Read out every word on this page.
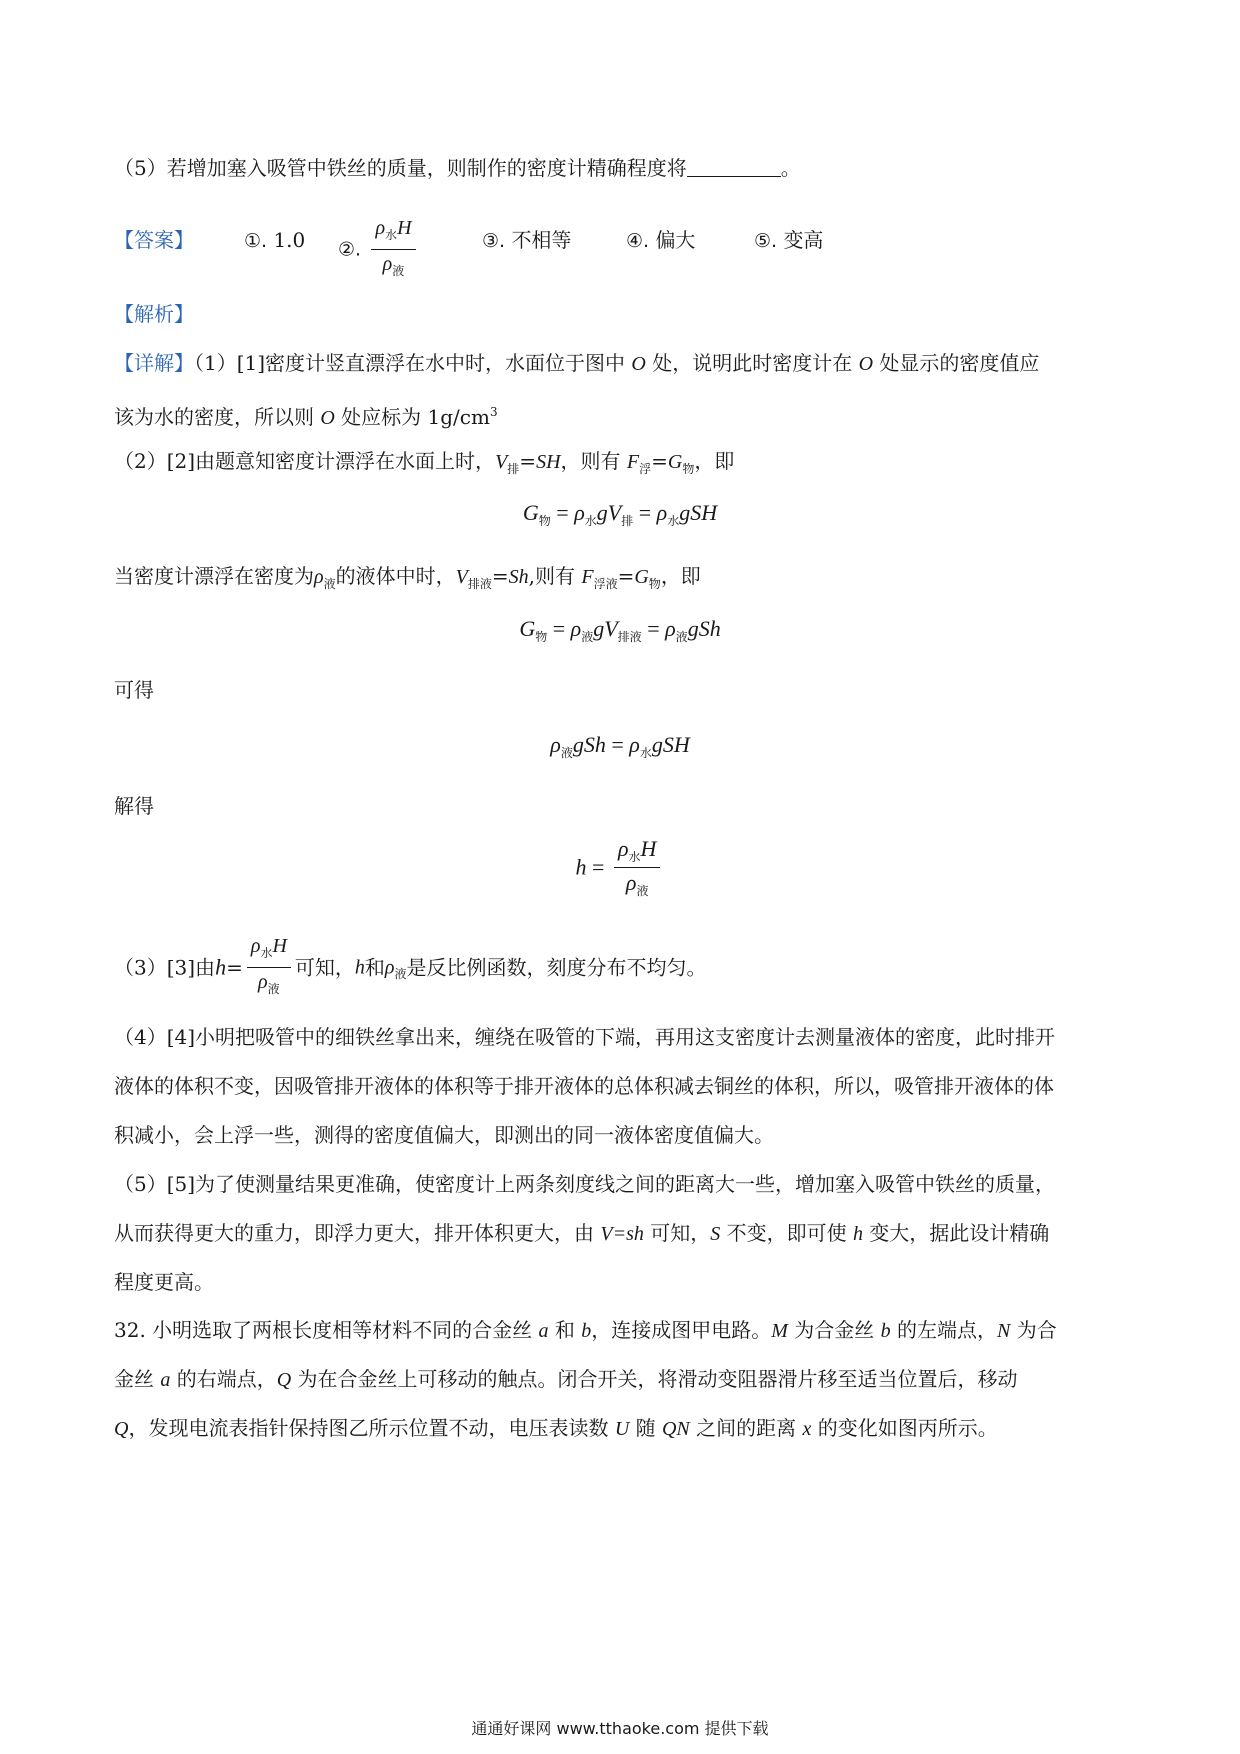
（5）若增加塞入吸管中铁丝的质量，则制作的密度计精确程度将	。
【答案】	①. 1.0 ②. $\frac{\rho_水H}{\rho_液}$	③. 不相等	④. 偏大	⑤. 变高
【解析】
【详解】（1）[1]密度计竖直漂浮在水中时，水面位于图中 O 处，说明此时密度计在 O 处显示的密度值应
该为水的密度，所以则 O 处应标为 $1g/cm^3$
（2）[2]由题意知密度计漂浮在水面上时，$V_排=SH$，则有 $F_浮=G_物$，即
$G_物 = \rho_水gV_排 = \rho_水gSH$
当密度计漂浮在密度为$\rho_液$的液体中时，$V_{排液}=Sh$,则有 $F_{浮液}=G_物$，即
$G_物 = \rho_液gV_{排液} = \rho_液gSh$
可得
$\rho_液gSh = \rho_水gSH$
解得
$h = \frac{\rho_水H}{\rho_液}$
（3）[3]由$h= \frac{\rho_水H}{\rho_液}$ 可知，h和$\rho_液$是反比例函数，刻度分布不均匀。
（4）[4]小明把吸管中的细铁丝拿出来，缠绕在吸管的下端，再用这支密度计去测量液体的密度，此时排开
液体的体积不变，因吸管排开液体的体积等于排开液体的总体积减去铜丝的体积，所以，吸管排开液体的体
积减小，会上浮一些，测得的密度值偏大，即测出的同一液体密度值偏大。
（5）[5]为了使测量结果更准确，使密度计上两条刻度线之间的距离大一些，增加塞入吸管中铁丝的质量，
从而获得更大的重力，即浮力更大，排开体积更大，由 V=sh 可知，S 不变，即可使 h 变大，据此设计精确
程度更高。
32. 小明选取了两根长度相等材料不同的合金丝 a 和 b，连接成图甲电路。M 为合金丝 b 的左端点，N 为合
金丝 a 的右端点，Q 为在合金丝上可移动的触点。闭合开关，将滑动变阻器滑片移至适当位置后，移动
Q，发现电流表指针保持图乙所示位置不动，电压表读数 U 随 QN 之间的距离 x 的变化如图丙所示。
通通好课网 www.tthaoke.com 提供下载
